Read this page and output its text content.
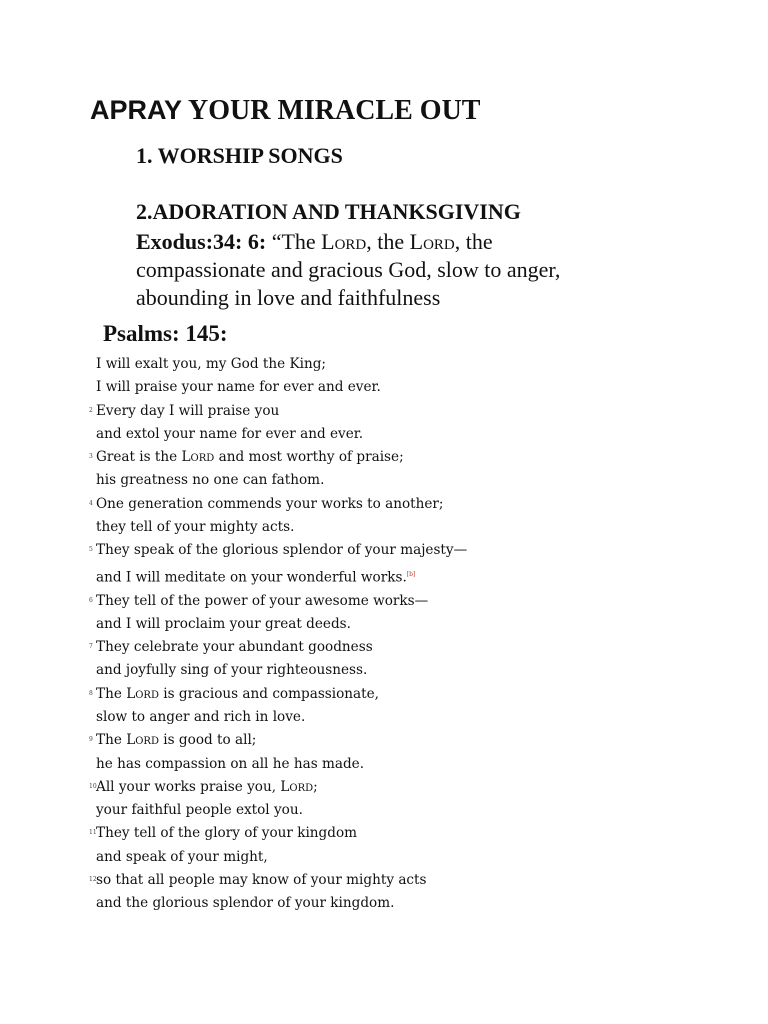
APRAY YOUR MIRACLE OUT
1. WORSHIP SONGS
2.ADORATION AND THANKSGIVING

Exodus:34: 6: “The Lord, the Lord, the compassionate and gracious God, slow to anger, abounding in love and faithfulness

Psalms: 145:
I will exalt you, my God the King;
I will praise your name for ever and ever.
2 Every day I will praise you
and extol your name for ever and ever.
3 Great is the Lord and most worthy of praise;
his greatness no one can fathom.
4 One generation commends your works to another;
they tell of your mighty acts.
5 They speak of the glorious splendor of your majesty—
and I will meditate on your wonderful works.[b]
6 They tell of the power of your awesome works—
and I will proclaim your great deeds.
7 They celebrate your abundant goodness
and joyfully sing of your righteousness.
8 The Lord is gracious and compassionate,
slow to anger and rich in love.
9 The Lord is good to all;
he has compassion on all he has made.
10 All your works praise you, Lord;
your faithful people extol you.
11 They tell of the glory of your kingdom
and speak of your might,
12 so that all people may know of your mighty acts
and the glorious splendor of your kingdom.
